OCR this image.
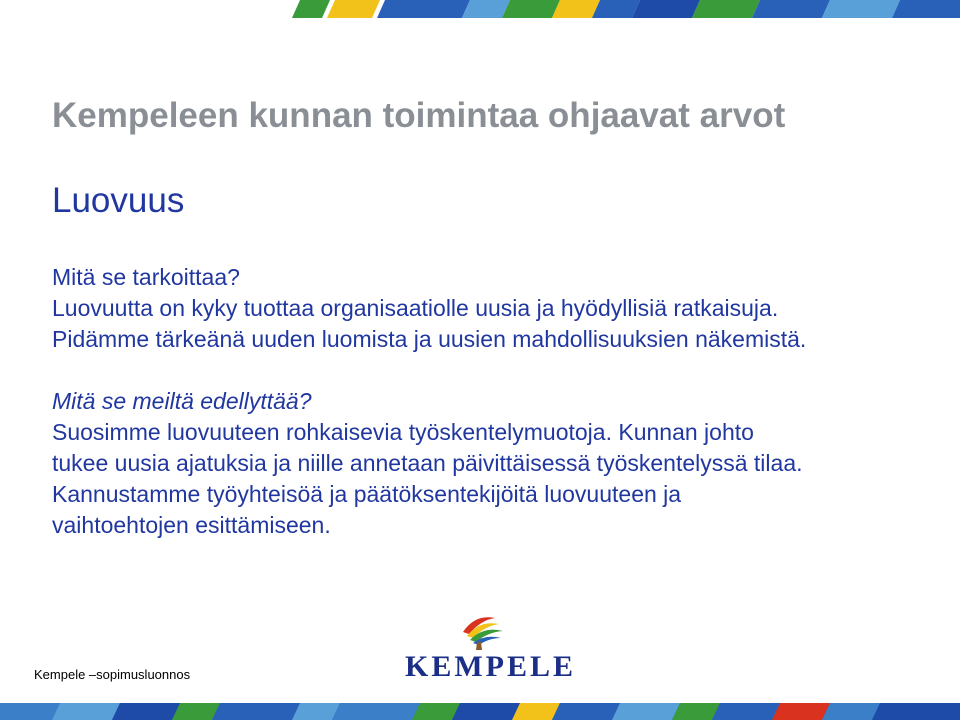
Kempeleen kunnan toimintaa ohjaavat arvot
Luovuus

Mitä se tarkoittaa?

Luovuutta on kyky tuottaa organisaatiolle uusia ja hyödyllisiä ratkaisuja.

Pidämme tärkeänä uuden luomista ja uusien mahdollisuuksien näkemistä.

Mitä se meiltä edellyttää?

Suosimme luovuuteen rohkaisevia työskentelymuotoja. Kunnan johto

tukee uusia ajatuksia ja niille annetaan päivittäisessä työskentelyssä tilaa.

Kannustamme työyhteisöä ja päätöksentekijöitä luovuuteen ja

vaihtoehtojen esittämiseen.

Kempele –sopimusluonnos	KEMPELE
